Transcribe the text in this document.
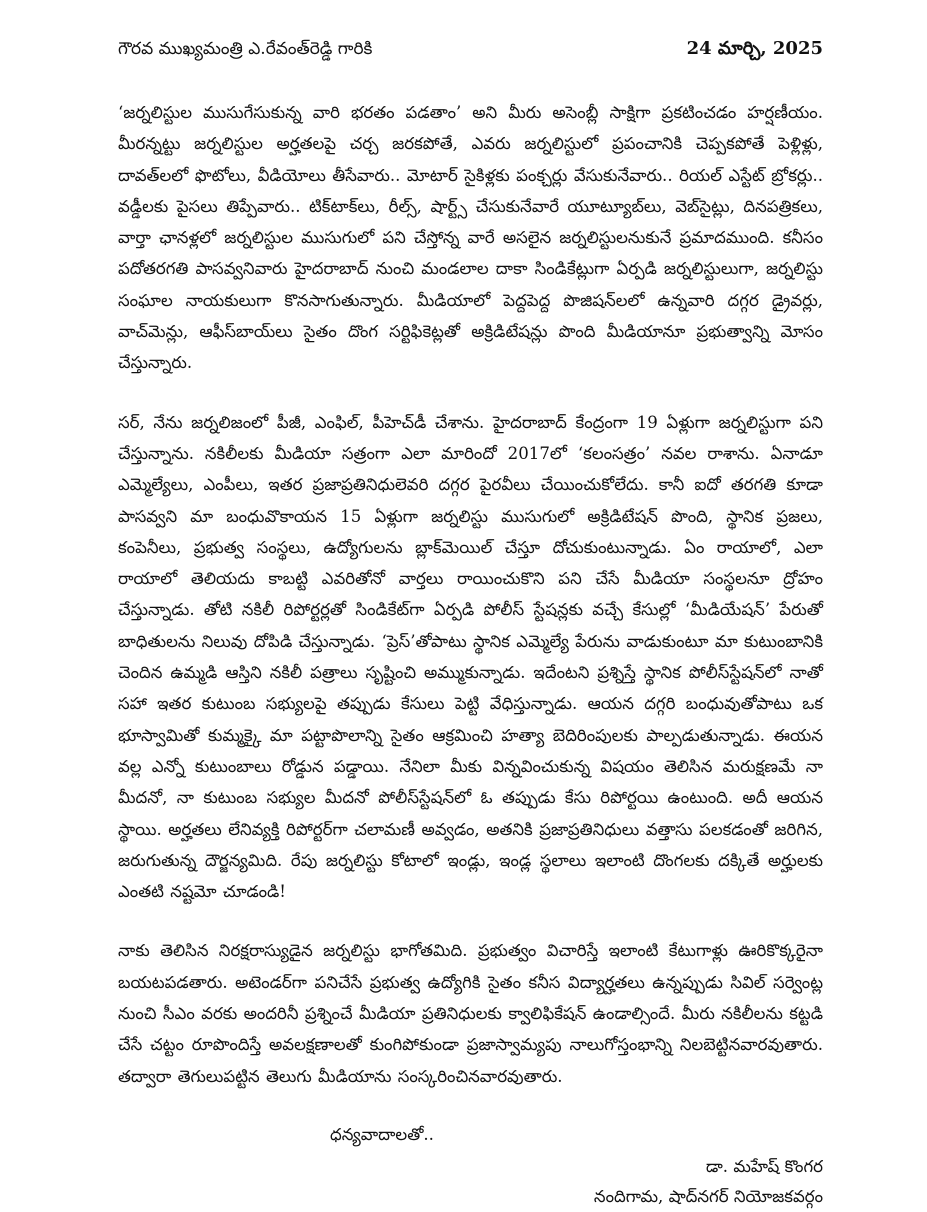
గౌరవ ముఖ్యమంత్రి ఎ.రేవంత్‌రెడ్డి గారికి	24 మార్చి, 2025

‘జర్నలిస్టుల ముసుగేసుకున్న వారి భరతం పడతాం’ అని మీరు అసెంబ్లీ సాక్షిగా ప్రకటించడం హర్షణీయం. మీరన్నట్టు జర్నలిస్టుల అర్హతలపై చర్చ జరకపోతే, ఎవరు జర్నలిస్టులో ప్రపంచానికి చెప్పకపోతే పెళ్లిళ్లు, దావత్‌లలో ఫొటోలు, వీడియోలు తీసేవారు.. మోటార్ సైకిళ్లకు పంక్చర్లు వేసుకునేవారు.. రియల్ ఎస్టేట్ బ్రోకర్లు.. వడ్డీలకు పైసలు తిప్పేవారు.. టిక్‌టాక్‌లు, రీల్స్, షార్ట్స్ చేసుకునేవారే యూట్యూబ్‌లు, వెబ్‌సైట్లు, దినపత్రికలు, వార్తా ఛానళ్లలో జర్నలిస్టుల ముసుగులో పని చేస్తోన్న వారే అసలైన జర్నలిస్టులనుకునే ప్రమాదముంది. కనీసం పదోతరగతి పాసవ్వనివారు హైదరాబాద్ నుంచి మండలాల దాకా సిండికేట్లుగా ఏర్పడి జర్నలిస్టులుగా, జర్నలిస్టు సంఘాల నాయకులుగా కొనసాగుతున్నారు. మీడియాలో పెద్దపెద్ద పొజిషన్‌లలో ఉన్నవారి దగ్గర డ్రైవర్లు, వాచ్‌మెన్లు, ఆఫీస్‌బాయ్‌లు సైతం దొంగ సర్టిఫికెట్లతో అక్రిడిటేషన్లు పొంది మీడియానూ ప్రభుత్వాన్ని మోసం చేస్తున్నారు.

సర్, నేను జర్నలిజంలో పీజీ, ఎంఫిల్, పీహెచ్‌డీ చేశాను. హైదరాబాద్ కేంద్రంగా 19 ఏళ్లుగా జర్నలిస్టుగా పని చేస్తున్నాను. నకిలీలకు మీడియా సత్రంగా ఎలా మారిందో 2017లో ‘కలంసత్రం’ నవల రాశాను. ఏనాడూ ఎమ్మెల్యేలు, ఎంపీలు, ఇతర ప్రజాప్రతినిధులెవరి దగ్గర పైరవీలు చేయించుకోలేదు. కానీ ఐదో తరగతి కూడా పాసవ్వని మా బంధువొకాయన 15 ఏళ్లుగా జర్నలిస్టు ముసుగులో అక్రిడిటేషన్ పొంది, స్థానిక ప్రజలు, కంపెనీలు, ప్రభుత్వ సంస్థలు, ఉద్యోగులను బ్లాక్‌మెయిల్ చేస్తూ దోచుకుంటున్నాడు. ఏం రాయాలో, ఎలా రాయాలో తెలియదు కాబట్టి ఎవరితోనో వార్తలు రాయించుకొని పని చేసే మీడియా సంస్థలనూ ద్రోహం చేస్తున్నాడు. తోటి నకిలీ రిపోర్టర్లతో సిండికేట్‌గా ఏర్పడి పోలీస్ స్టేషన్లకు వచ్చే కేసుల్లో ‘మీడియేషన్’ పేరుతో బాధితులను నిలువు దోపిడి చేస్తున్నాడు. ‘ప్రెస్’తోపాటు స్థానిక ఎమ్మెల్యే పేరును వాడుకుంటూ మా కుటుంబానికి చెందిన ఉమ్మడి ఆస్తిని నకిలీ పత్రాలు సృష్టించి అమ్ముకున్నాడు. ఇదేంటని ప్రశ్నిస్తే స్థానిక పోలీస్‌స్టేషన్‌లో నాతో సహా ఇతర కుటుంబ సభ్యులపై తప్పుడు కేసులు పెట్టి వేధిస్తున్నాడు. ఆయన దగ్గరి బంధువుతోపాటు ఒక భూస్వామితో కుమ్మక్కై మా పట్టాపొలాన్ని సైతం ఆక్రమించి హత్యా బెదిరింపులకు పాల్పడుతున్నాడు. ఈయన వల్ల ఎన్నో కుటుంబాలు రోడ్డున పడ్డాయి. నేనిలా మీకు విన్నవించుకున్న విషయం తెలిసిన మరుక్షణమే నా మీదనో, నా కుటుంబ సభ్యుల మీదనో పోలీస్‌స్టేషన్‌లో ఓ తప్పుడు కేసు రిపోర్టయి ఉంటుంది. అదీ ఆయన స్థాయి. అర్హతలు లేనివ్యక్తి రిపోర్టర్‌గా చలామణీ అవ్వడం, అతనికి ప్రజాప్రతినిధులు వత్తాసు పలకడంతో జరిగిన, జరుగుతున్న దౌర్జన్యమిది. రేపు జర్నలిస్టు కోటాలో ఇండ్లు, ఇండ్ల స్థలాలు ఇలాంటి దొంగలకు దక్కితే అర్హులకు ఎంతటి నష్టమో చూడండి!

నాకు తెలిసిన నిరక్షరాస్యుడైన జర్నలిస్టు భాగోతమిది. ప్రభుత్వం విచారిస్తే ఇలాంటి కేటుగాళ్లు ఊరికొక్కరైనా బయటపడతారు. అటెండర్‌గా పనిచేసే ప్రభుత్వ ఉద్యోగికి సైతం కనీస విద్యార్హతలు ఉన్నప్పుడు సివిల్ సర్వెంట్ల నుంచి సీఎం వరకు అందరినీ ప్రశ్నించే మీడియా ప్రతినిధులకు క్వాలిఫికేషన్ ఉండాల్సిందే. మీరు నకిలీలను కట్టడి చేసే చట్టం రూపొందిస్తే అవలక్షణాలతో కుంగిపోకుండా ప్రజాస్వామ్యపు నాలుగోస్తంభాన్ని నిలబెట్టినవారవుతారు. తద్వారా తెగులుపట్టిన తెలుగు మీడియాను సంస్కరించినవారవుతారు.

ధన్యవాదాలతో..
డా. మహేష్ కొంగర
నందిగామ, షాద్‌నగర్ నియోజకవర్గం
